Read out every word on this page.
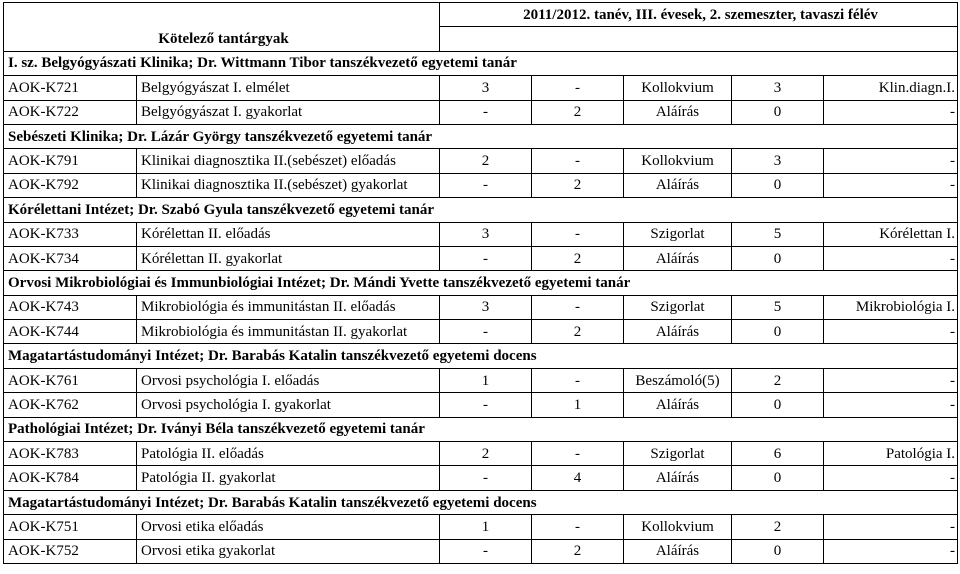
		2011/2012. tanév, III. évesek, 2. szemeszter, tavaszi félév				
Kötelező tantárgyak						
I. sz. Belgyógyászati Klinika; Dr. Wittmann Tibor tanszékvezető egyetemi tanár						
AOK-K721	Belgyógyászat I. elmélet	3	-	Kollokvium	3	Klin.diagn.I.
AOK-K722	Belgyógyászat I. gyakorlat	-	2	Aláírás	0	-
Sebészeti Klinika; Dr. Lázár György tanszékvezető egyetemi tanár						
AOK-K791	Klinikai diagnosztika II.(sebészet) előadás	2	-	Kollokvium	3	-
AOK-K792	Klinikai diagnosztika II.(sebészet) gyakorlat	-	2	Aláírás	0	-
Kórélettani Intézet; Dr. Szabó Gyula tanszékvezető egyetemi tanár						
AOK-K733	Kórélettan II. előadás	3	-	Szigorlat	5	Kórélettan I.
AOK-K734	Kórélettan II. gyakorlat	-	2	Aláírás	0	-
Orvosi Mikrobiológiai és Immunbiológiai Intézet; Dr. Mándi Yvette tanszékvezető egyetemi tanár						
AOK-K743	Mikrobiológia és immunitástan II. előadás	3	-	Szigorlat	5	Mikrobiológia I.
AOK-K744	Mikrobiológia és immunitástan II. gyakorlat	-	2	Aláírás	0	-
Magatartástudományi Intézet; Dr. Barabás Katalin tanszékvezető egyetemi docens						
AOK-K761	Orvosi psychológia I. előadás	1	-	Beszámoló(5)	2	-
AOK-K762	Orvosi psychológia I. gyakorlat	-	1	Aláírás	0	-
Pathológiai Intézet; Dr. Iványi Béla tanszékvezető egyetemi tanár						
AOK-K783	Patológia II. előadás	2	-	Szigorlat	6	Patológia I.
AOK-K784	Patológia II. gyakorlat	-	4	Aláírás	0	-
Magatartástudományi Intézet; Dr. Barabás Katalin tanszékvezető egyetemi docens						
AOK-K751	Orvosi etika előadás	1	-	Kollokvium	2	-
AOK-K752	Orvosi etika gyakorlat	-	2	Aláírás	0	-
